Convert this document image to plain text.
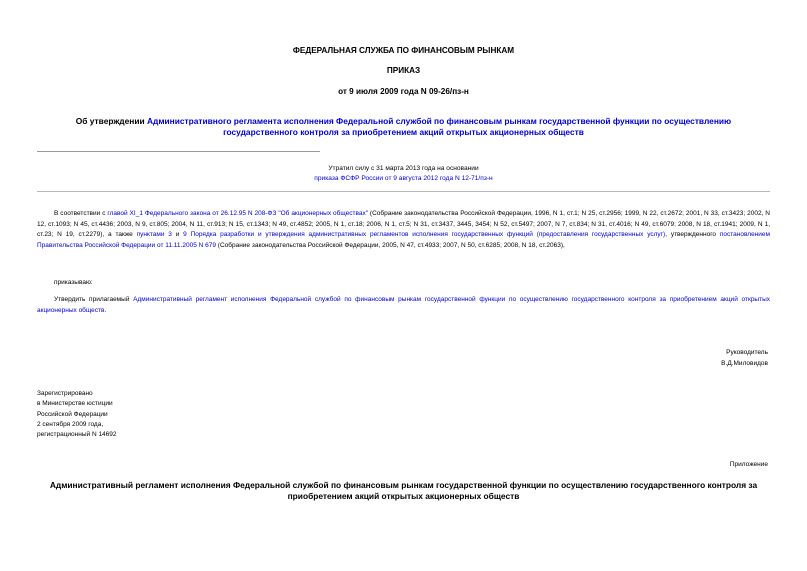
ФЕДЕРАЛЬНАЯ СЛУЖБА ПО ФИНАНСОВЫМ РЫНКАМ
ПРИКАЗ
от 9 июля 2009 года N 09-26/пз-н
Об утверждении Административного регламента исполнения Федеральной службой по финансовым рынкам государственной функции по осуществлению государственного контроля за приобретением акций открытых акционерных обществ
Утратил силу с 31 марта 2013 года на основании
приказа ФСФР России от 9 августа 2012 года N 12-71/пз-н
В соответствии с главой XI_1 Федерального закона от 26.12.95 N 208-ФЗ "Об акционерных обществах" (Собрание законодательства Российской Федерации, 1996, N 1, ст.1; N 25, ст.2956; 1999, N 22, ст.2672; 2001, N 33, ст.3423; 2002, N 12, ст.1093; N 45, ст.4436; 2003, N 9, ст.805; 2004, N 11, ст.913; N 15, ст.1343; N 49, ст.4852; 2005, N 1, ст.18; 2006, N 1, ст.5; N 31, ст.3437, 3445, 3454; N 52, ст.5497; 2007, N 7, ст.834; N 31, ст.4016; N 49, ст.6079; 2008, N 18, ст.1941; 2009, N 1, ст.23; N 19, ст.2279), а также пунктами 3 и 9 Порядка разработки и утверждения административных регламентов исполнения государственных функций (предоставления государственных услуг), утвержденного постановлением Правительства Российской Федерации от 11.11.2005 N 679 (Собрание законодательства Российской Федерации, 2005, N 47, ст.4933; 2007, N 50, ст.6285; 2008, N 18, ст.2063),
приказываю:
Утвердить прилагаемый Административный регламент исполнения Федеральной службой по финансовым рынкам государственной функции по осуществлению государственного контроля за приобретением акций открытых акционерных обществ.
Руководитель
В.Д.Миловидов
Зарегистрировано
в Министерстве юстиции
Российской Федерации
2 сентября 2009 года,
регистрационный N 14692
Приложение
Административный регламент исполнения Федеральной службой по финансовым рынкам государственной функции по осуществлению государственного контроля за приобретением акций открытых акционерных обществ
